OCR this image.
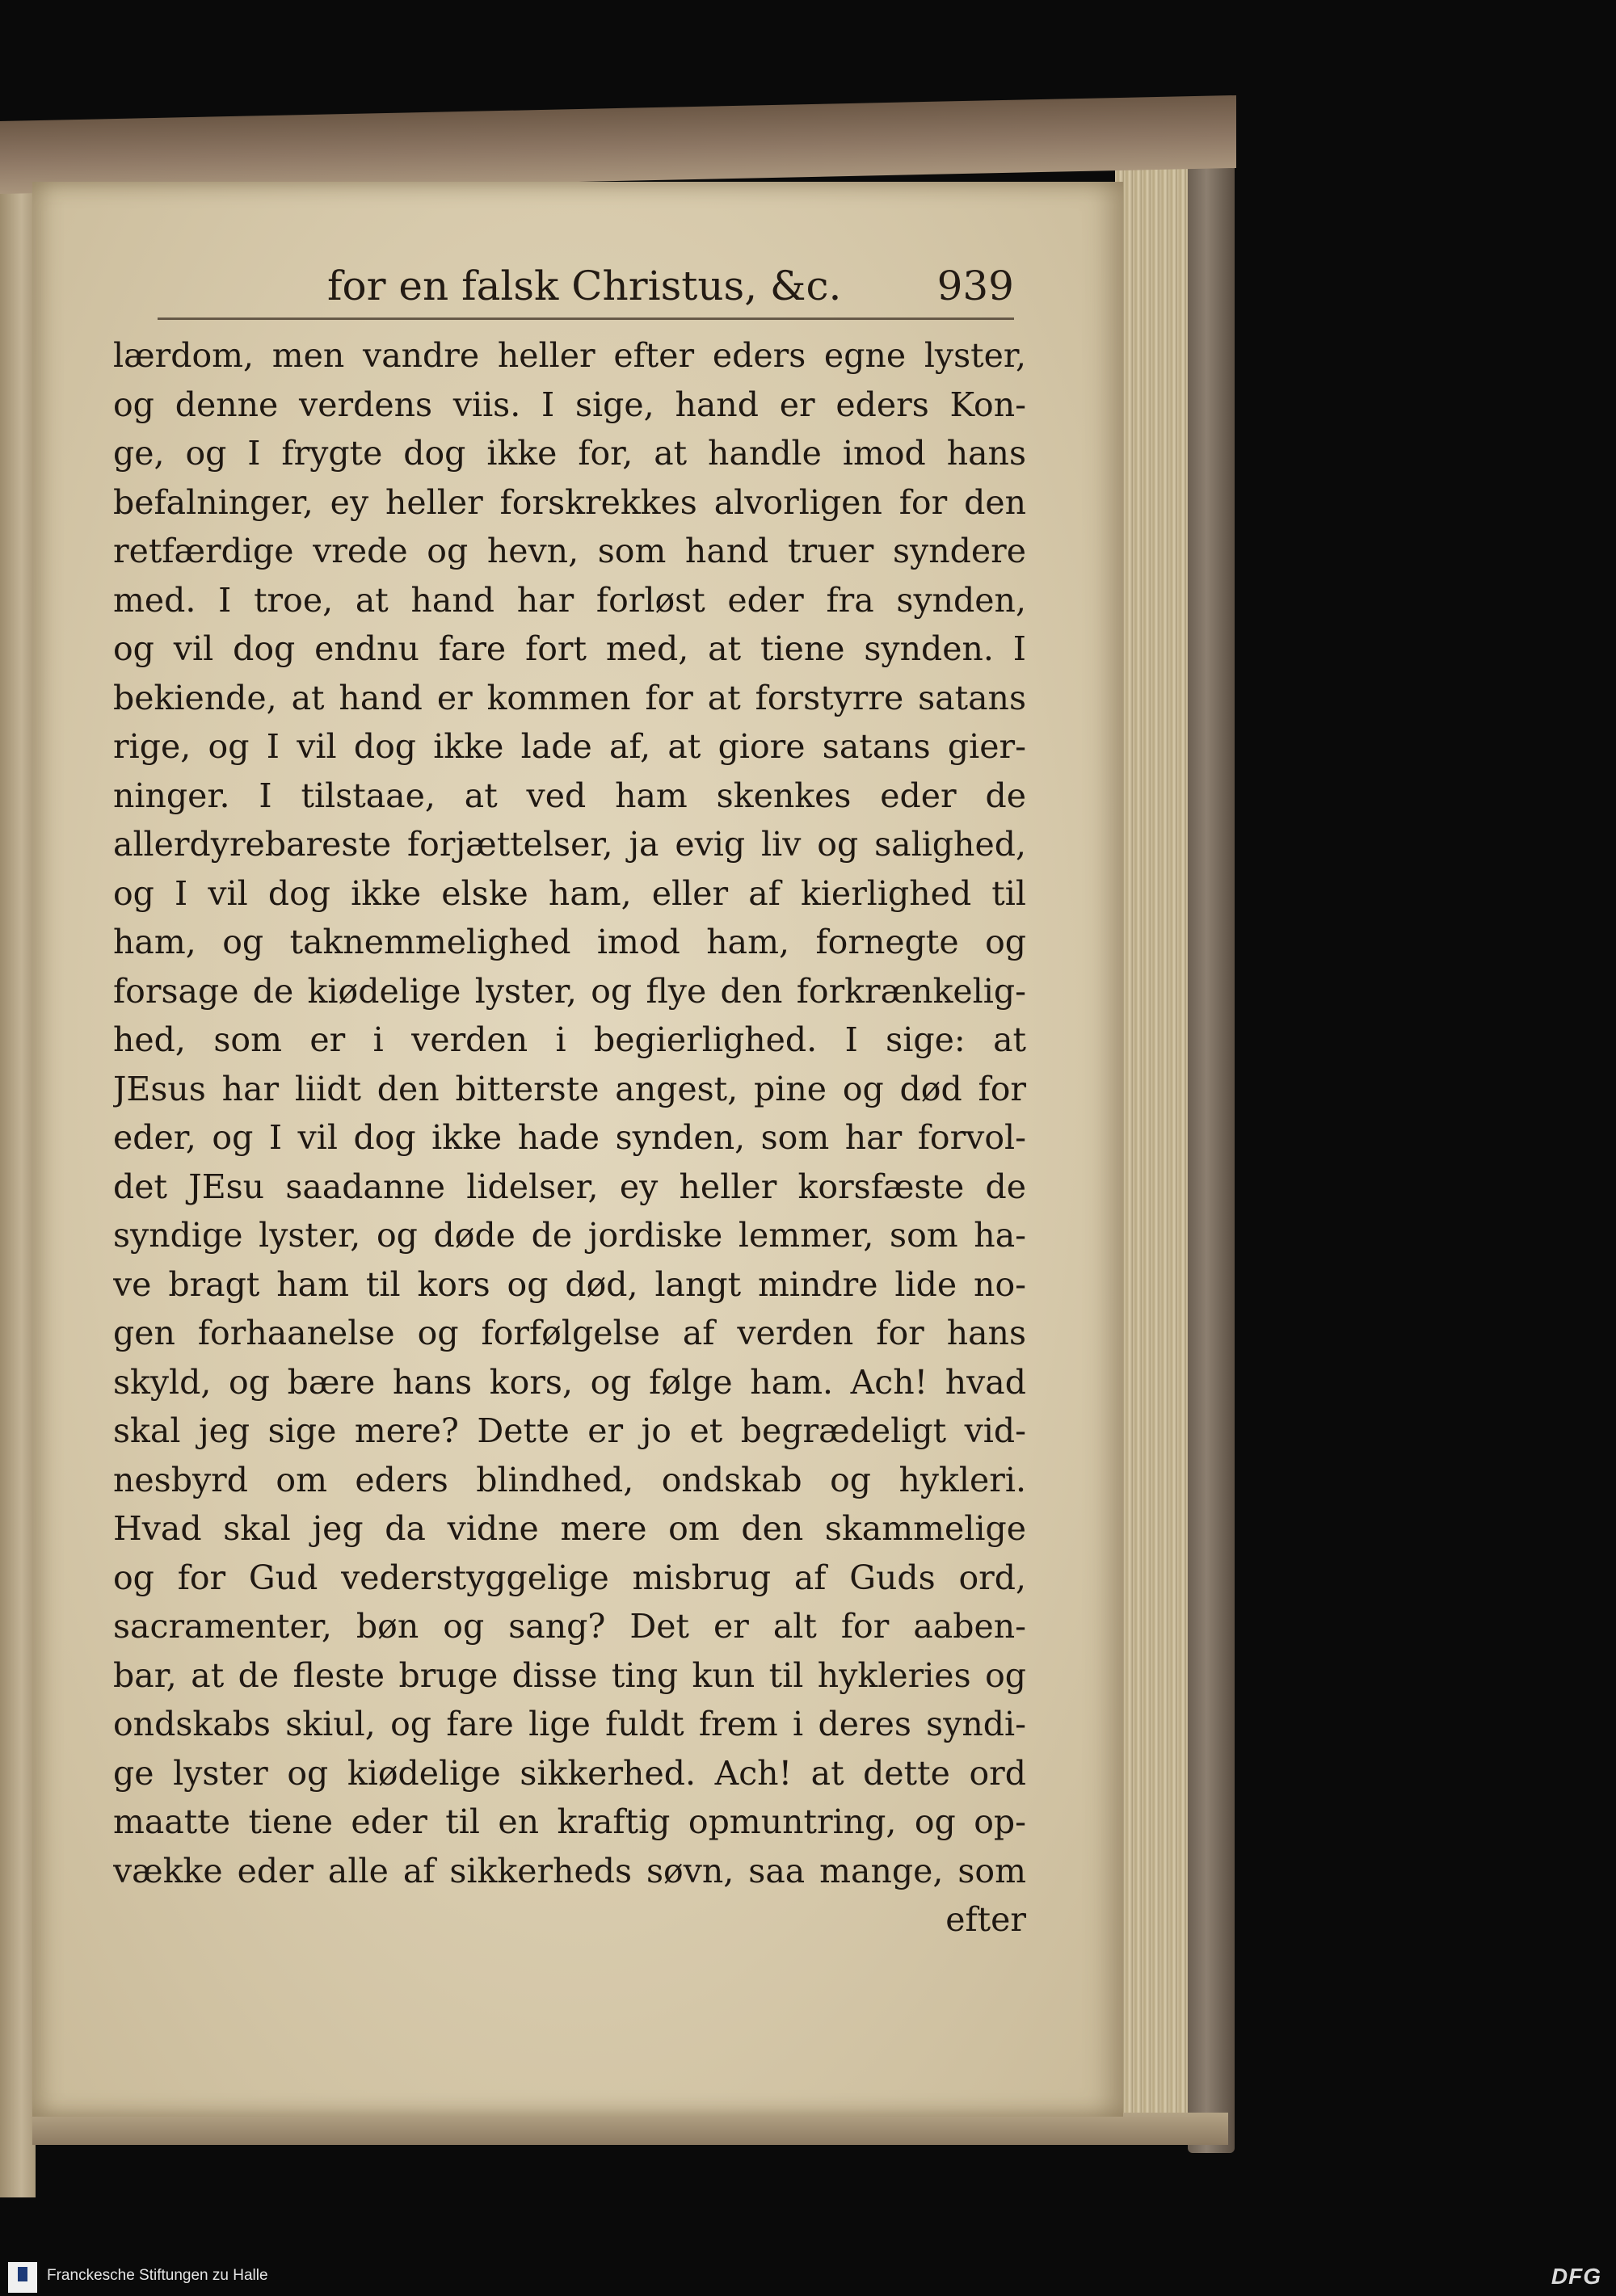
for en falsk Christus, &c. 939
lærdom, men vandre heller efter eders egne lyster,
og denne verdens viis. I sige, hand er eders Kon-
ge, og I frygte dog ikke for, at handle imod hans
befalninger, ey heller forskrekkes alvorligen for den
retfærdige vrede og hevn, som hand truer syndere
med. I troe, at hand har forløst eder fra synden,
og vil dog endnu fare fort med, at tiene synden. I
bekiende, at hand er kommen for at forstyrre satans
rige, og I vil dog ikke lade af, at giore satans gier-
ninger. I tilstaae, at ved ham skenkes eder de
allerdyrebareste forjættelser, ja evig liv og salighed,
og I vil dog ikke elske ham, eller af kierlighed til
ham, og taknemmelighed imod ham, fornegte og
forsage de kiødelige lyster, og flye den forkrænkelig-
hed, som er i verden i begierlighed. I sige: at
JEsus har liidt den bitterste angest, pine og død for
eder, og I vil dog ikke hade synden, som har forvol-
det JEsu saadanne lidelser, ey heller korsfæste de
syndige lyster, og døde de jordiske lemmer, som ha-
ve bragt ham til kors og død, langt mindre lide no-
gen forhaanelse og forfølgelse af verden for hans
skyld, og bære hans kors, og følge ham. Ach! hvad
skal jeg sige mere? Dette er jo et begrædeligt vid-
nesbyrd om eders blindhed, ondskab og hykleri.
Hvad skal jeg da vidne mere om den skammelige
og for Gud vederstyggelige misbrug af Guds ord,
sacramenter, bøn og sang? Det er alt for aaben-
bar, at de fleste bruge disse ting kun til hykleries og
ondskabs skiul, og fare lige fuldt frem i deres syndi-
ge lyster og kiødelige sikkerhed. Ach! at dette ord
maatte tiene eder til en kraftig opmuntring, og op-
vække eder alle af sikkerheds søvn, saa mange, som
efter
Franckesche Stiftungen zu Halle	DFG
